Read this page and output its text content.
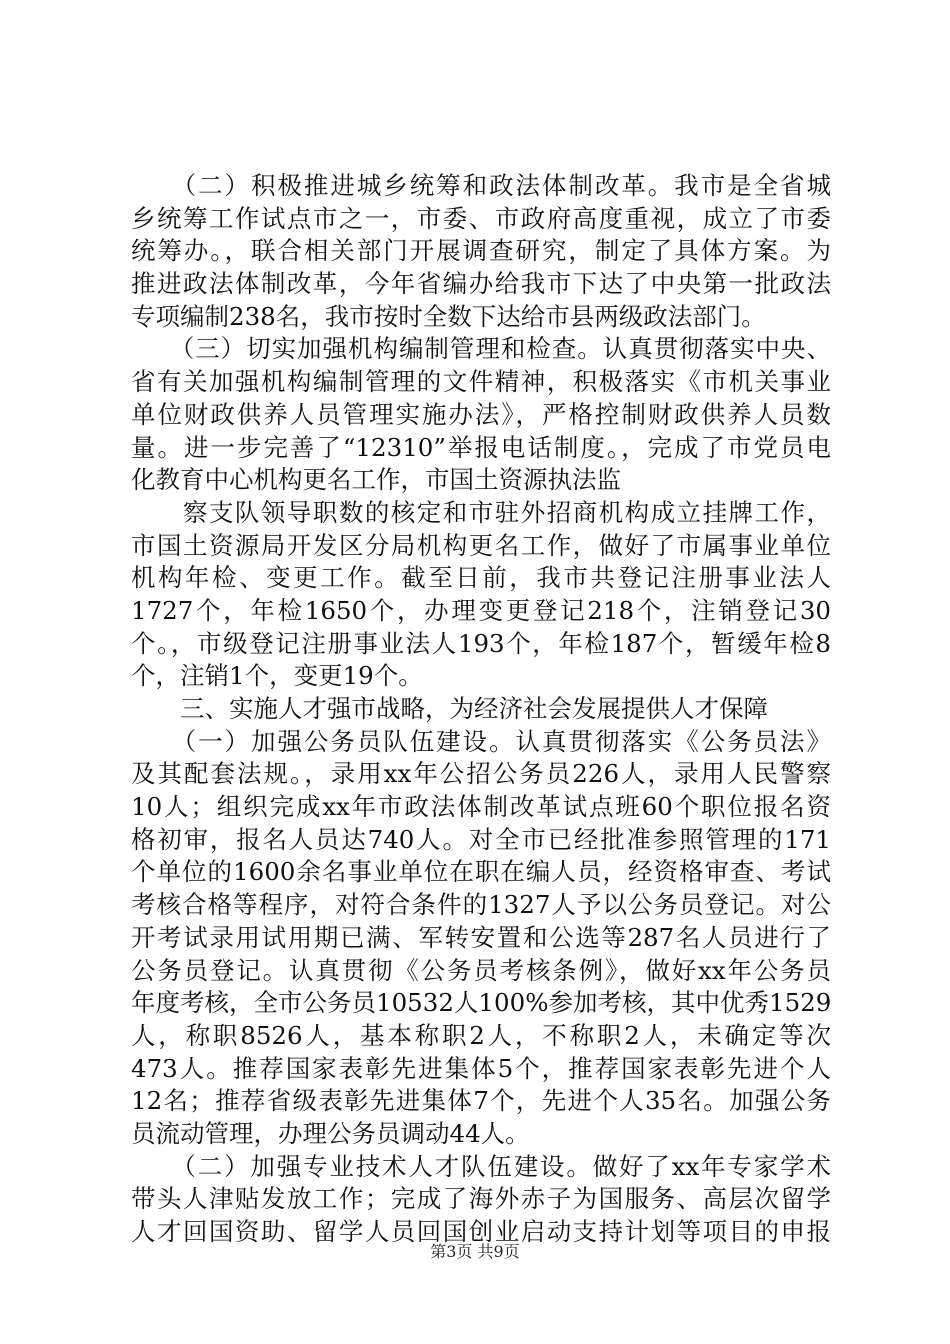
　　（二）积极推进城乡统筹和政法体制改革。我市是全省城
乡统筹工作试点市之一，市委、市政府高度重视，成立了市委
统筹办。，联合相关部门开展调查研究，制定了具体方案。为
推进政法体制改革，今年省编办给我市下达了中央第一批政法
专项编制238名，我市按时全数下达给市县两级政法部门。
　　（三）切实加强机构编制管理和检查。认真贯彻落实中央、
省有关加强机构编制管理的文件精神，积极落实《市机关事业
单位财政供养人员管理实施办法》，严格控制财政供养人员数
量。进一步完善了“12310”举报电话制度。，完成了市党员电
化教育中心机构更名工作，市国土资源执法监
　　察支队领导职数的核定和市驻外招商机构成立挂牌工作，
市国土资源局开发区分局机构更名工作，做好了市属事业单位
机构年检、变更工作。截至日前，我市共登记注册事业法人
1727个，年检1650个，办理变更登记218个，注销登记30
个。，市级登记注册事业法人193个，年检187个，暂缓年检8
个，注销1个，变更19个。
　　三、实施人才强市战略，为经济社会发展提供人才保障
　　（一）加强公务员队伍建设。认真贯彻落实《公务员法》
及其配套法规。，录用xx年公招公务员226人，录用人民警察
10人；组织完成xx年市政法体制改革试点班60个职位报名资
格初审，报名人员达740人。对全市已经批准参照管理的171
个单位的1600余名事业单位在职在编人员，经资格审查、考试
考核合格等程序，对符合条件的1327人予以公务员登记。对公
开考试录用试用期已满、军转安置和公选等287名人员进行了
公务员登记。认真贯彻《公务员考核条例》，做好xx年公务员
年度考核，全市公务员10532人100%参加考核，其中优秀1529
人，称职8526人，基本称职2人，不称职2人，未确定等次
473人。推荐国家表彰先进集体5个，推荐国家表彰先进个人
12名；推荐省级表彰先进集体7个，先进个人35名。加强公务
员流动管理，办理公务员调动44人。
　　（二）加强专业技术人才队伍建设。做好了xx年专家学术
带头人津贴发放工作；完成了海外赤子为国服务、高层次留学
人才回国资助、留学人员回国创业启动支持计划等项目的申报
第3页 共9页
